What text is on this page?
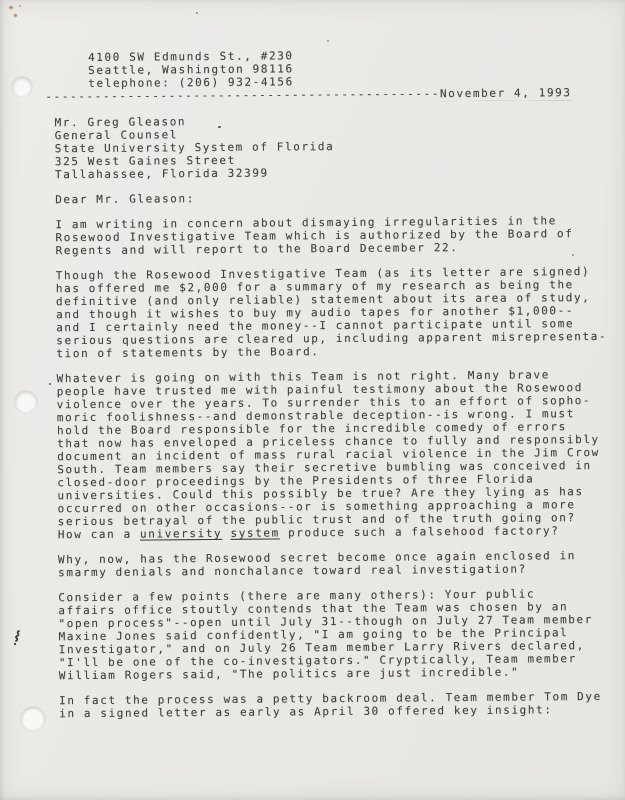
4100 SW Edmunds St., #230
Seattle, Washington 98116
telephone: (206) 932-4156
------------------------------------------------November 4, 1993
Mr. Greg Gleason
General Counsel
State University System of Florida
325 West Gaines Street
Tallahassee, Florida 32399
Dear Mr. Gleason:
I am writing in concern about dismaying irregularities in the
Rosewood Investigative Team which is authorized by the Board of
Regents and will report to the Board December 22.
Though the Rosewood Investigative Team (as its letter are signed)
has offered me $2,000 for a summary of my research as being the
definitive (and only reliable) statement about its area of study,
and though it wishes to buy my audio tapes for another $1,000--
and I certainly need the money--I cannot participate until some
serious questions are cleared up, including apparent misrepresenta-
tion of statements by the Board.
Whatever is going on with this Team is not right. Many brave
people have trusted me with painful testimony about the Rosewood
violence over the years. To surrender this to an effort of sopho-
moric foolishness--and demonstrable deception--is wrong. I must
hold the Board responsible for the incredible comedy of errors
that now has enveloped a priceless chance to fully and responsibly
document an incident of mass rural racial violence in the Jim Crow
South. Team members say their secretive bumbling was conceived in
closed-door proceedings by the Presidents of three Florida
universities. Could this possibly be true? Are they lying as has
occurred on other occasions--or is something approaching a more
serious betrayal of the public trust and of the truth going on?
How can a university system produce such a falsehood factory?
Why, now, has the Rosewood secret become once again enclosed in
smarmy denials and nonchalance toward real investigation?
Consider a few points (there are many others): Your public
affairs office stoutly contends that the Team was chosen by an
"open process"--open until July 31--though on July 27 Team member
Maxine Jones said confidently, "I am going to be the Principal
Investigator," and on July 26 Team member Larry Rivers declared,
"I'll be one of the co-investigators." Cryptically, Team member
William Rogers said, "The politics are just incredible."
In fact the process was a petty backroom deal. Team member Tom Dye
in a signed letter as early as April 30 offered key insight:
